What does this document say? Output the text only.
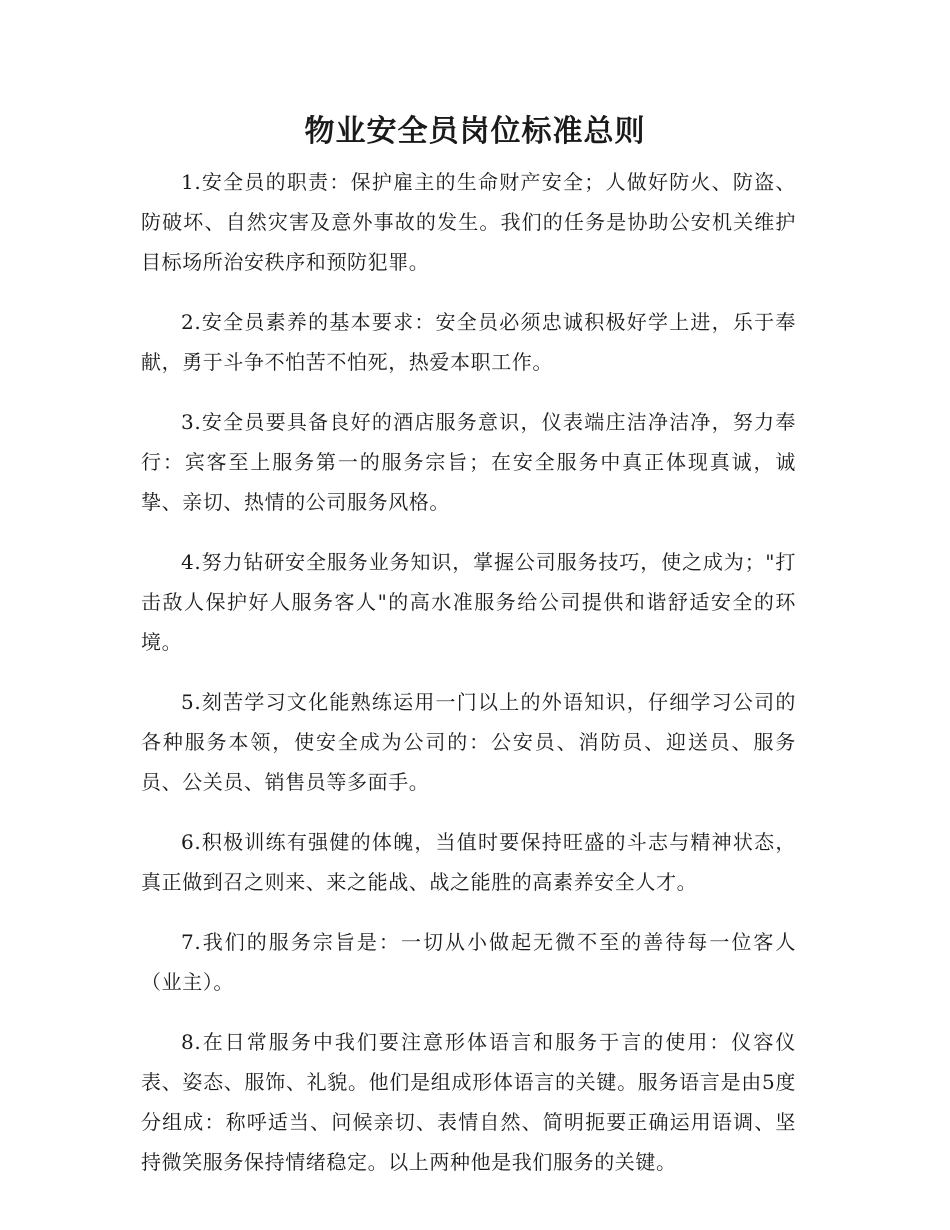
物业安全员岗位标准总则

1.安全员的职责：保护雇主的生命财产安全；人做好防火、防盗、防破坏、自然灾害及意外事故的发生。我们的任务是协助公安机关维护目标场所治安秩序和预防犯罪。

2.安全员素养的基本要求：安全员必须忠诚积极好学上进，乐于奉献，勇于斗争不怕苦不怕死，热爱本职工作。

3.安全员要具备良好的酒店服务意识，仪表端庄洁净洁净，努力奉行：宾客至上服务第一的服务宗旨；在安全服务中真正体现真诚，诚挚、亲切、热情的公司服务风格。

4.努力钻研安全服务业务知识，掌握公司服务技巧，使之成为；"打击敌人保护好人服务客人"的高水准服务给公司提供和谐舒适安全的环境。

5.刻苦学习文化能熟练运用一门以上的外语知识，仔细学习公司的各种服务本领，使安全成为公司的：公安员、消防员、迎送员、服务员、公关员、销售员等多面手。

6.积极训练有强健的体魄，当值时要保持旺盛的斗志与精神状态，真正做到召之则来、来之能战、战之能胜的高素养安全人才。

7.我们的服务宗旨是：一切从小做起无微不至的善待每一位客人（业主）。

8.在日常服务中我们要注意形体语言和服务于言的使用：仪容仪表、姿态、服饰、礼貌。他们是组成形体语言的关键。服务语言是由5度分组成：称呼适当、问候亲切、表情自然、简明扼要正确运用语调、坚持微笑服务保持情绪稳定。以上两种他是我们服务的关键。
